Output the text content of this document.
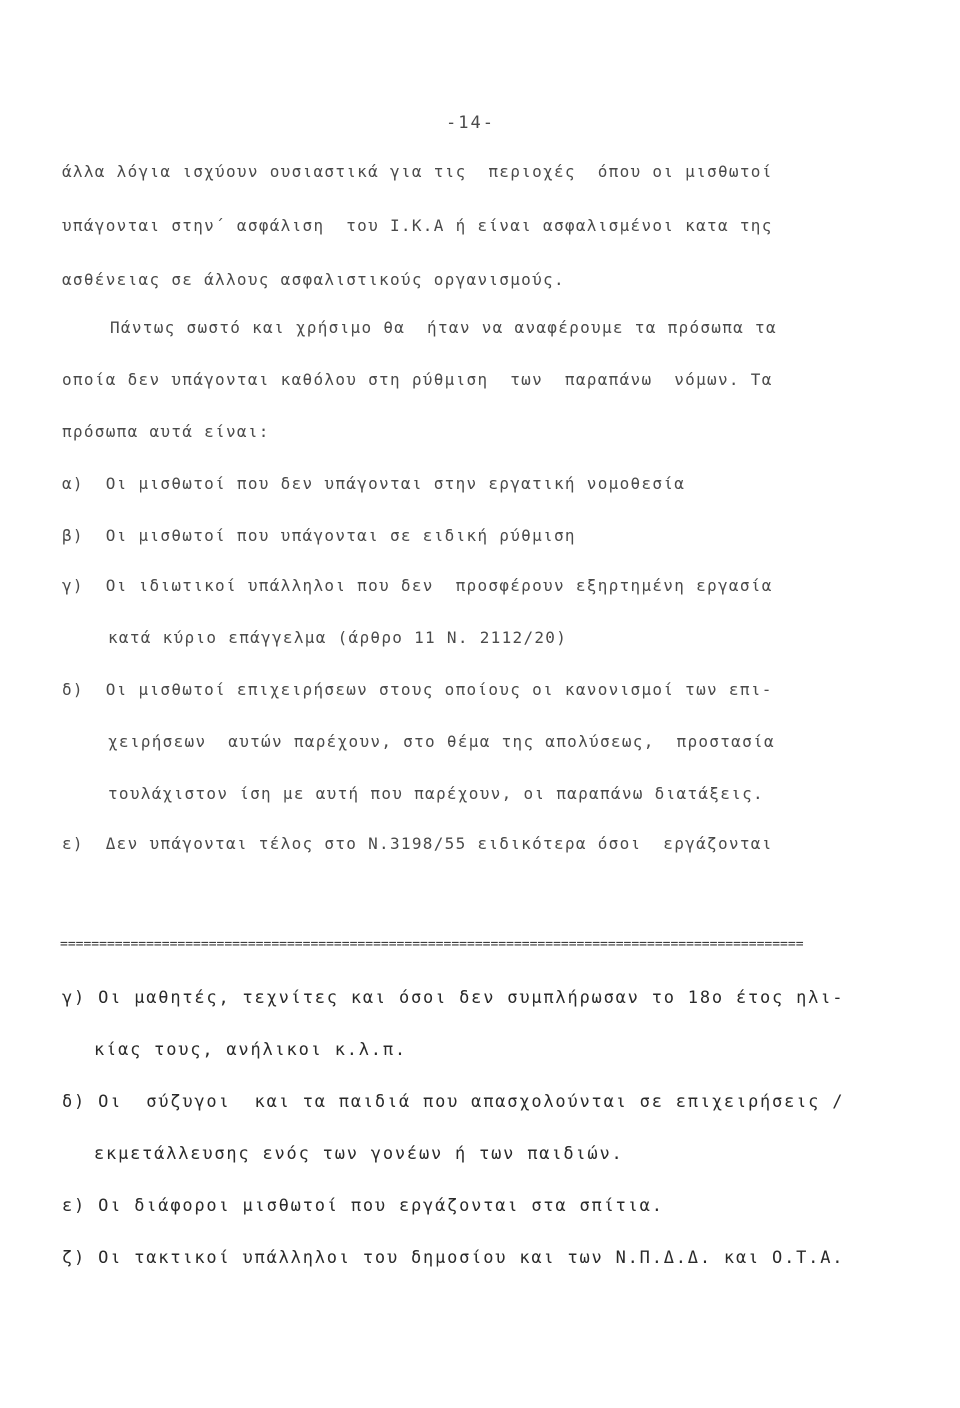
-14-
άλλα λόγια ισχύουν ουσιαστικά για τις  περιοχές  όπου οι μισθωτοί
υπάγονται στην΄ ασφάλιση  του Ι.Κ.Α ή είναι ασφαλισμένοι κατα της
ασθένειας σε άλλους ασφαλιστικούς οργανισμούς.
Πάντως σωστό και χρήσιμο θα  ήταν να αναφέρουμε τα πρόσωπα τα
οποία δεν υπάγονται καθόλου στη ρύθμιση  των  παραπάνω  νόμων. Τα
πρόσωπα αυτά είναι:
α)  Οι μισθωτοί που δεν υπάγονται στην εργατική νομοθεσία
β)  Οι μισθωτοί που υπάγονται σε ειδική ρύθμιση
γ)  Οι ιδιωτικοί υπάλληλοι που δεν  προσφέρουν εξηρτημένη εργασία
κατά κύριο επάγγελμα (άρθρο 11 Ν. 2112/20)
δ)  Οι μισθωτοί επιχειρήσεων στους οποίους οι κανονισμοί των επι-
χειρήσεων  αυτών παρέχουν, στο θέμα της απολύσεως,  προστασία
τουλάχιστον ίση με αυτή που παρέχουν, οι παραπάνω διατάξεις.
ε)  Δεν υπάγονται τέλος στο Ν.3198/55 ειδικότερα όσοι  εργάζονται
===============================================================================================
γ) Οι μαθητές, τεχνίτες και όσοι δεν συμπλήρωσαν το 18ο έτος ηλι-
κίας τους, ανήλικοι κ.λ.π.
δ) Οι  σύζυγοι  και τα παιδιά που απασχολούνται σε επιχειρήσεις /
εκμετάλλευσης ενός των γονέων ή των παιδιών.
ε) Οι διάφοροι μισθωτοί που εργάζονται στα σπίτια.
ζ) Οι τακτικοί υπάλληλοι του δημοσίου και των Ν.Π.Δ.Δ. και Ο.Τ.Α.
